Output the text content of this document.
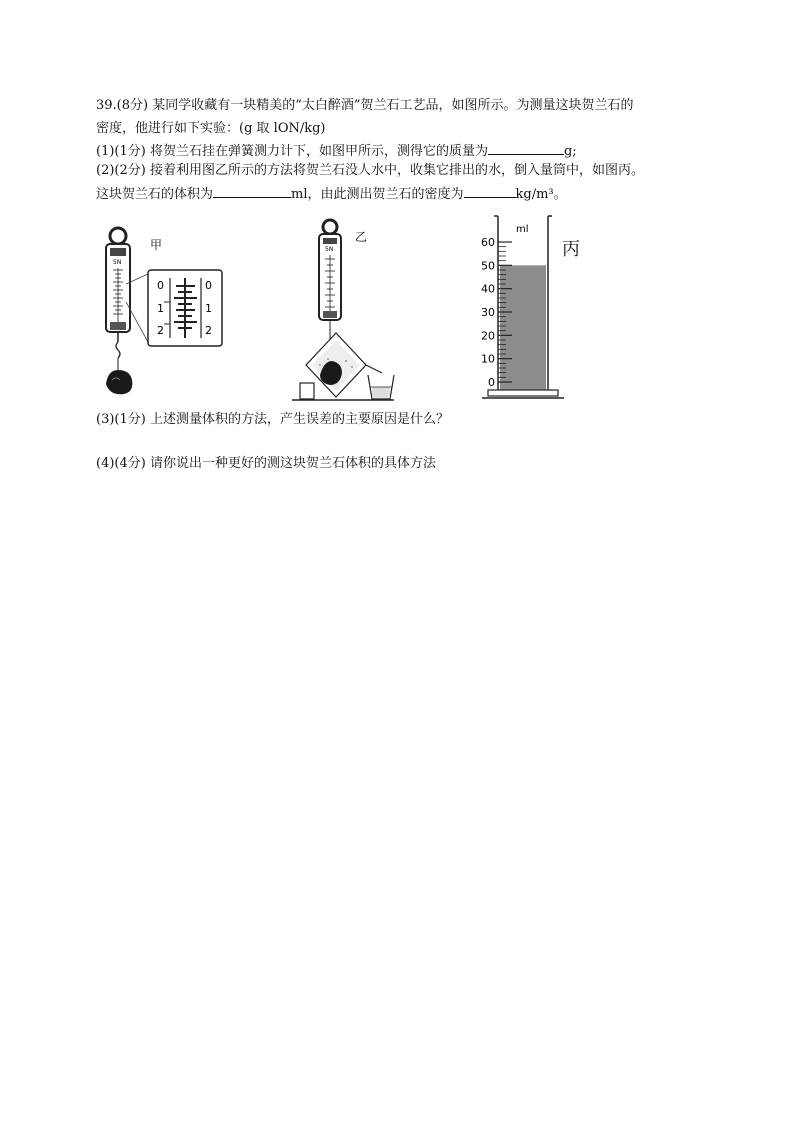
39.(8分) 某同学收藏有一块精美的“太白醉酒”贺兰石工艺品，如图所示。为测量这块贺兰石的
密度，他进行如下实验：(g 取 lON/kg)
(1)(1分) 将贺兰石挂在弹簧测力计下，如图甲所示，测得它的质量为	g;
(2)(2分) 接着利用图乙所示的方法将贺兰石没人水中，收集它排出的水，倒入量筒中，如图丙。
这块贺兰石的体积为	ml，由此测出贺兰石的密度为	kg/m³。
5N
0
1
2
0
1
2
甲	5N
乙
ml
60
50
40
30
20
10
0
丙
(3)(1分) 上述测量体积的方法，产生误差的主要原因是什么？
(4)(4分) 请你说出一种更好的测这块贺兰石体积的具体方法
